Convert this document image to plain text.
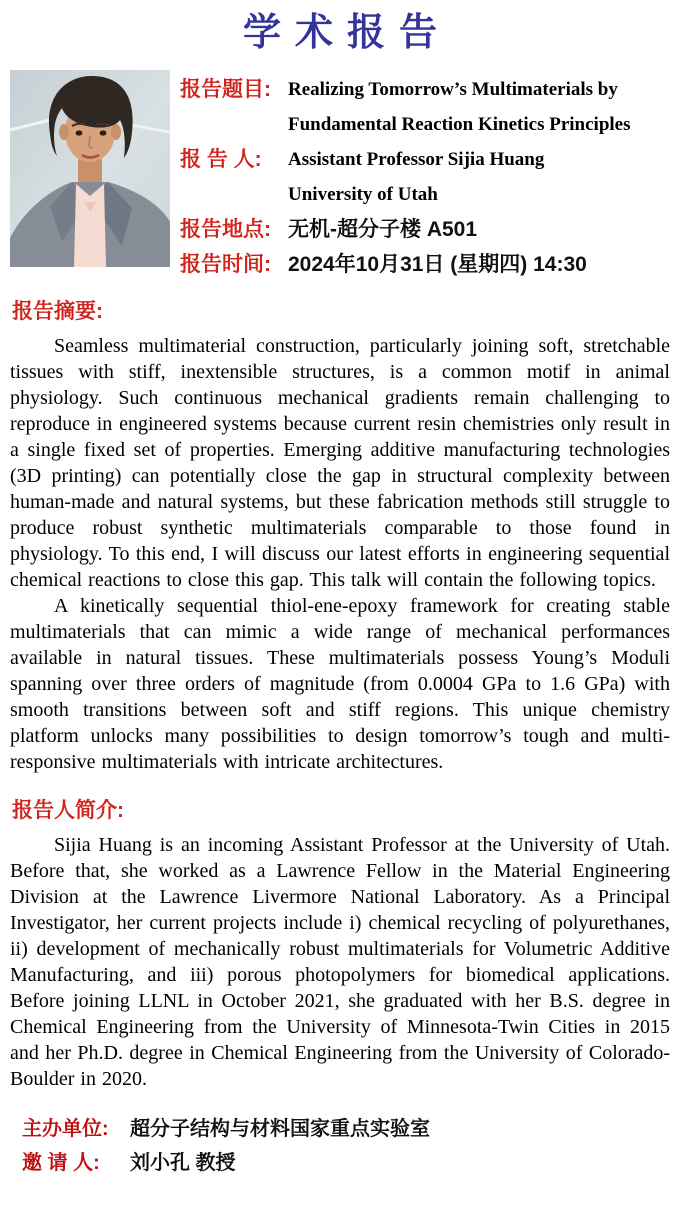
学术报告
报告题目: Realizing Tomorrow’s Multimaterials by
Fundamental Reaction Kinetics Principles
报 告 人:	Assistant Professor Sijia Huang
University of Utah
报告地点: 无机-超分子楼 A501
报告时间: 2024年10月31日 (星期四) 14:30
报告摘要:

Seamless multimaterial construction, particularly joining soft, stretchable tissues with stiff, inextensible structures, is a common motif in animal physiology. Such continuous mechanical gradients remain challenging to reproduce in engineered systems because current resin chemistries only result in a single fixed set of properties. Emerging additive manufacturing technologies (3D printing) can potentially close the gap in structural complexity between human-made and natural systems, but these fabrication methods still struggle to produce robust synthetic multimaterials comparable to those found in physiology. To this end, I will discuss our latest efforts in engineering sequential chemical reactions to close this gap. This talk will contain the following topics.

A kinetically sequential thiol-ene-epoxy framework for creating stable multimaterials that can mimic a wide range of mechanical performances available in natural tissues. These multimaterials possess Young’s Moduli spanning over three orders of magnitude (from 0.0004 GPa to 1.6 GPa) with smooth transitions between soft and stiff regions. This unique chemistry platform unlocks many possibilities to design tomorrow’s tough and multi-responsive multimaterials with intricate architectures.

报告人简介:

Sijia Huang is an incoming Assistant Professor at the University of Utah. Before that, she worked as a Lawrence Fellow in the Material Engineering Division at the Lawrence Livermore National Laboratory. As a Principal Investigator, her current projects include i) chemical recycling of polyurethanes, ii) development of mechanically robust multimaterials for Volumetric Additive Manufacturing, and iii) porous photopolymers for biomedical applications. Before joining LLNL in October 2021, she graduated with her B.S. degree in Chemical Engineering from the University of Minnesota-Twin Cities in 2015 and her Ph.D. degree in Chemical Engineering from the University of Colorado-Boulder in 2020.

主办单位:	超分子结构与材料国家重点实验室
邀 请 人:	刘小孔 教授
